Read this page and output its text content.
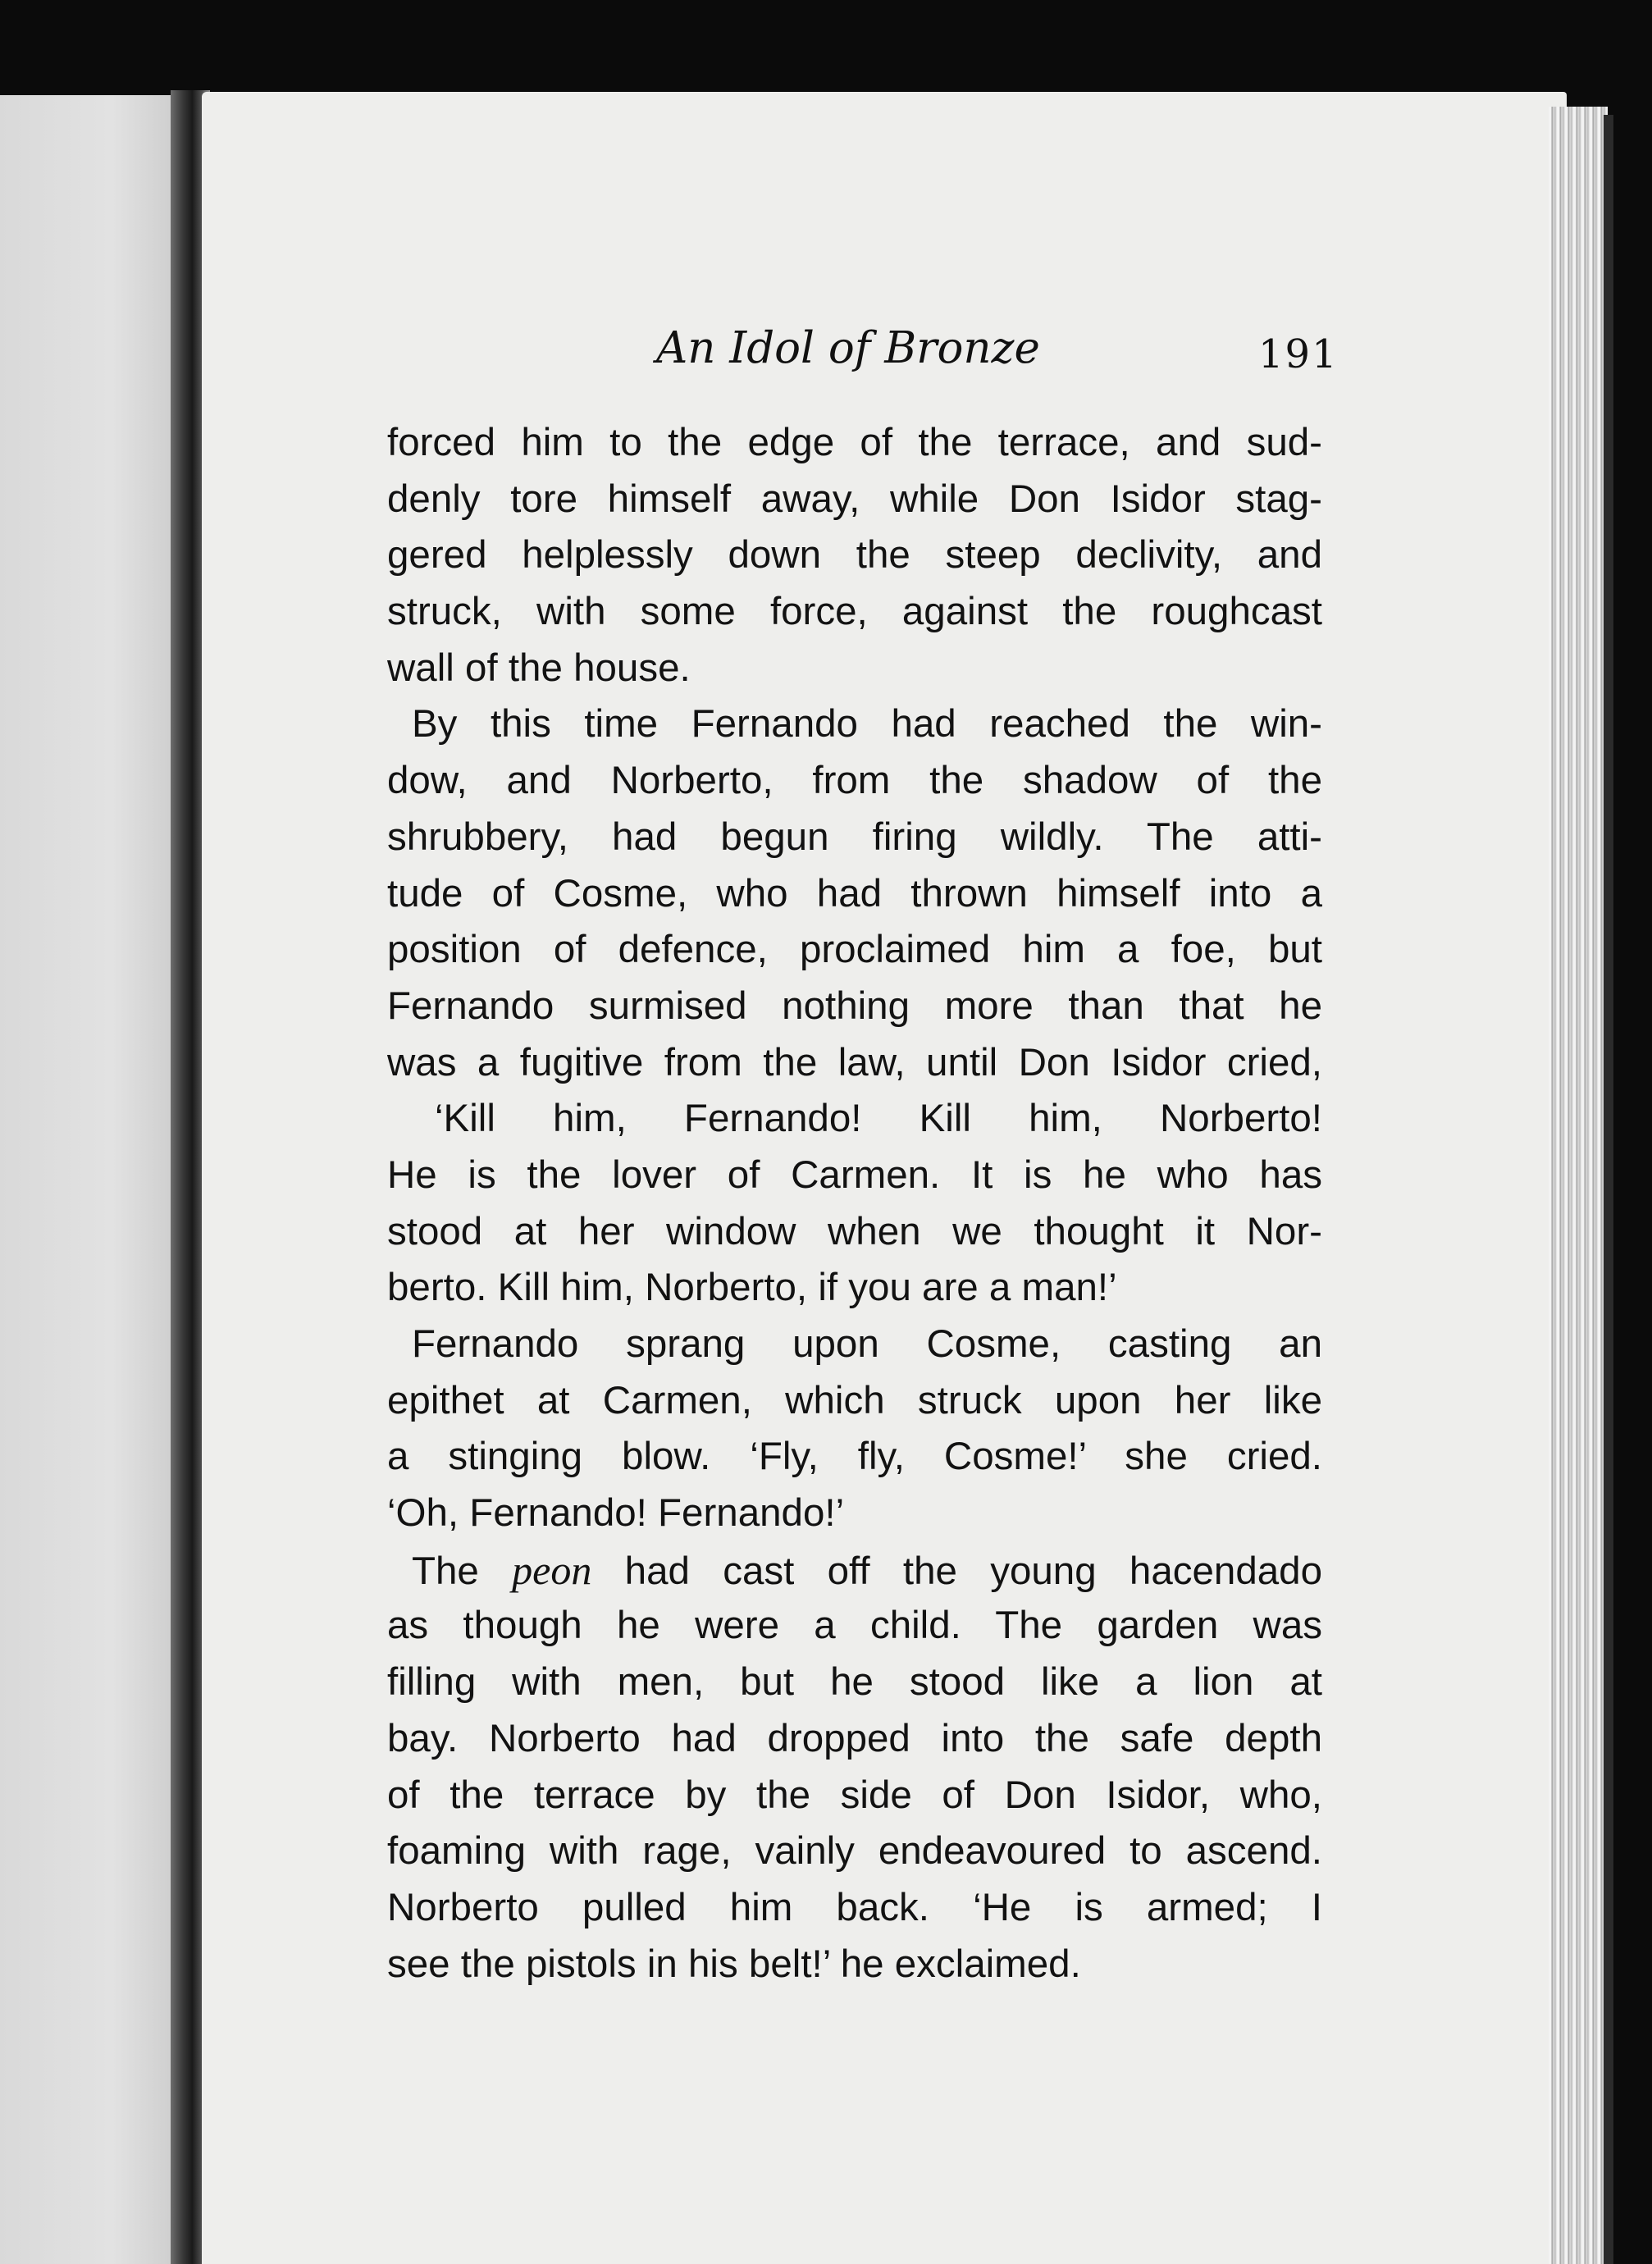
An Idol of Bronze	191
forced him to the edge of the terrace, and sud-
denly tore himself away, while Don Isidor stag-
gered helplessly down the steep declivity, and
struck, with some force, against the roughcast
wall of the house.
By this time Fernando had reached the win-
dow, and Norberto, from the shadow of the
shrubbery, had begun firing wildly. The atti-
tude of Cosme, who had thrown himself into a
position of defence, proclaimed him a foe, but
Fernando surmised nothing more than that he
was a fugitive from the law, until Don Isidor cried,
‘Kill him, Fernando! Kill him, Norberto!
He is the lover of Carmen. It is he who has
stood at her window when we thought it Nor-
berto. Kill him, Norberto, if you are a man!’
Fernando sprang upon Cosme, casting an
epithet at Carmen, which struck upon her like
a stinging blow. ‘Fly, fly, Cosme!’ she cried.
‘Oh, Fernando! Fernando!’
The peon had cast off the young hacendado
as though he were a child. The garden was
filling with men, but he stood like a lion at
bay. Norberto had dropped into the safe depth
of the terrace by the side of Don Isidor, who,
foaming with rage, vainly endeavoured to ascend.
Norberto pulled him back. ‘He is armed; I
see the pistols in his belt!’ he exclaimed.
